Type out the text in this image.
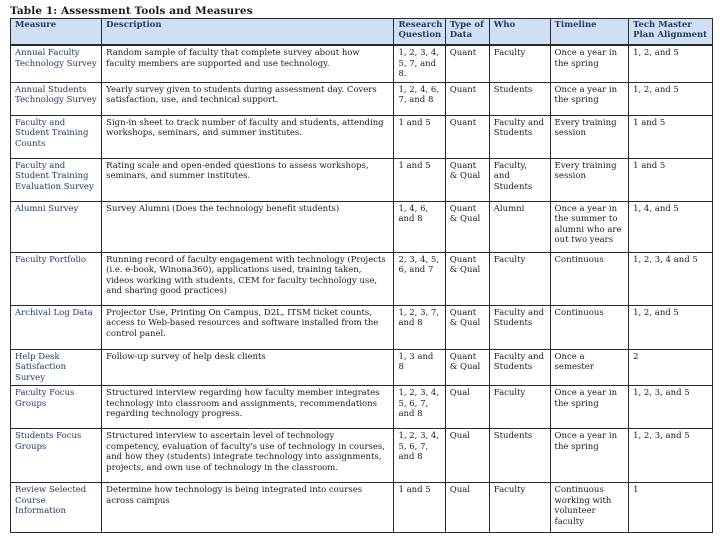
Table 1: Assessment Tools and Measures
Measure	Description	Research Question	Type of Data	Who	Timeline	Tech Master Plan Alignment
Annual Faculty Technology Survey	Random sample of faculty that complete survey about how faculty members are supported and use technology.	1, 2, 3, 4, 5, 7, and 8.	Quant	Faculty	Once a year in the spring	1, 2, and 5
Annual Students Technology Survey	Yearly survey given to students during assessment day. Covers satisfaction, use, and technical support.	1, 2, 4, 6, 7, and 8	Quant	Students	Once a year in the spring	1, 2, and 5
Faculty and Student Training Counts	Sign-in sheet to track number of faculty and students, attending workshops, seminars, and summer institutes.	1 and 5	Quant	Faculty and Students	Every training session	1 and 5
Faculty and Student Training Evaluation Survey	Rating scale and open-ended questions to assess workshops, seminars, and summer institutes.	1 and 5	Quant & Qual	Faculty, and Students	Every training session	1 and 5
Alumni Survey	Survey Alumni (Does the technology benefit students)	1, 4, 6, and 8	Quant & Qual	Alumni	Once a year in the summer to alumni who are out two years	1, 4, and 5
Faculty Portfolio	Running record of faculty engagement with technology (Projects (i.e. e-book, Winona360), applications used, training taken, videos working with students, CEM for faculty technology use, and sharing good practices)	2, 3, 4, 5, 6, and 7	Quant & Qual	Faculty	Continuous	1, 2, 3, 4 and 5
Archival Log Data	Projector Use, Printing On Campus, D2L, ITSM ticket counts, access to Web-based resources and software installed from the control panel.	1, 2, 3, 7, and 8	Quant & Qual	Faculty and Students	Continuous	1, 2, and 5
Help Desk Satisfaction Survey	Follow-up survey of help desk clients	1, 3 and 8	Quant & Qual	Faculty and Students	Once a semester	2
Faculty Focus Groups	Structured interview regarding how faculty member integrates technology into classroom and assignments, recommendations regarding technology progress.	1, 2, 3, 4, 5, 6, 7, and 8	Qual	Faculty	Once a year in the spring	1, 2, 3, and 5
Students Focus Groups	Structured interview to ascertain level of technology competency, evaluation of faculty's use of technology in courses, and how they (students) integrate technology into assignments, projects, and own use of technology in the classroom.	1, 2, 3, 4, 5, 6, 7, and 8	Qual	Students	Once a year in the spring	1, 2, 3, and 5
Review Selected Course Information	Determine how technology is being integrated into courses across campus	1 and 5	Qual	Faculty	Continuous working with volunteer faculty	1
